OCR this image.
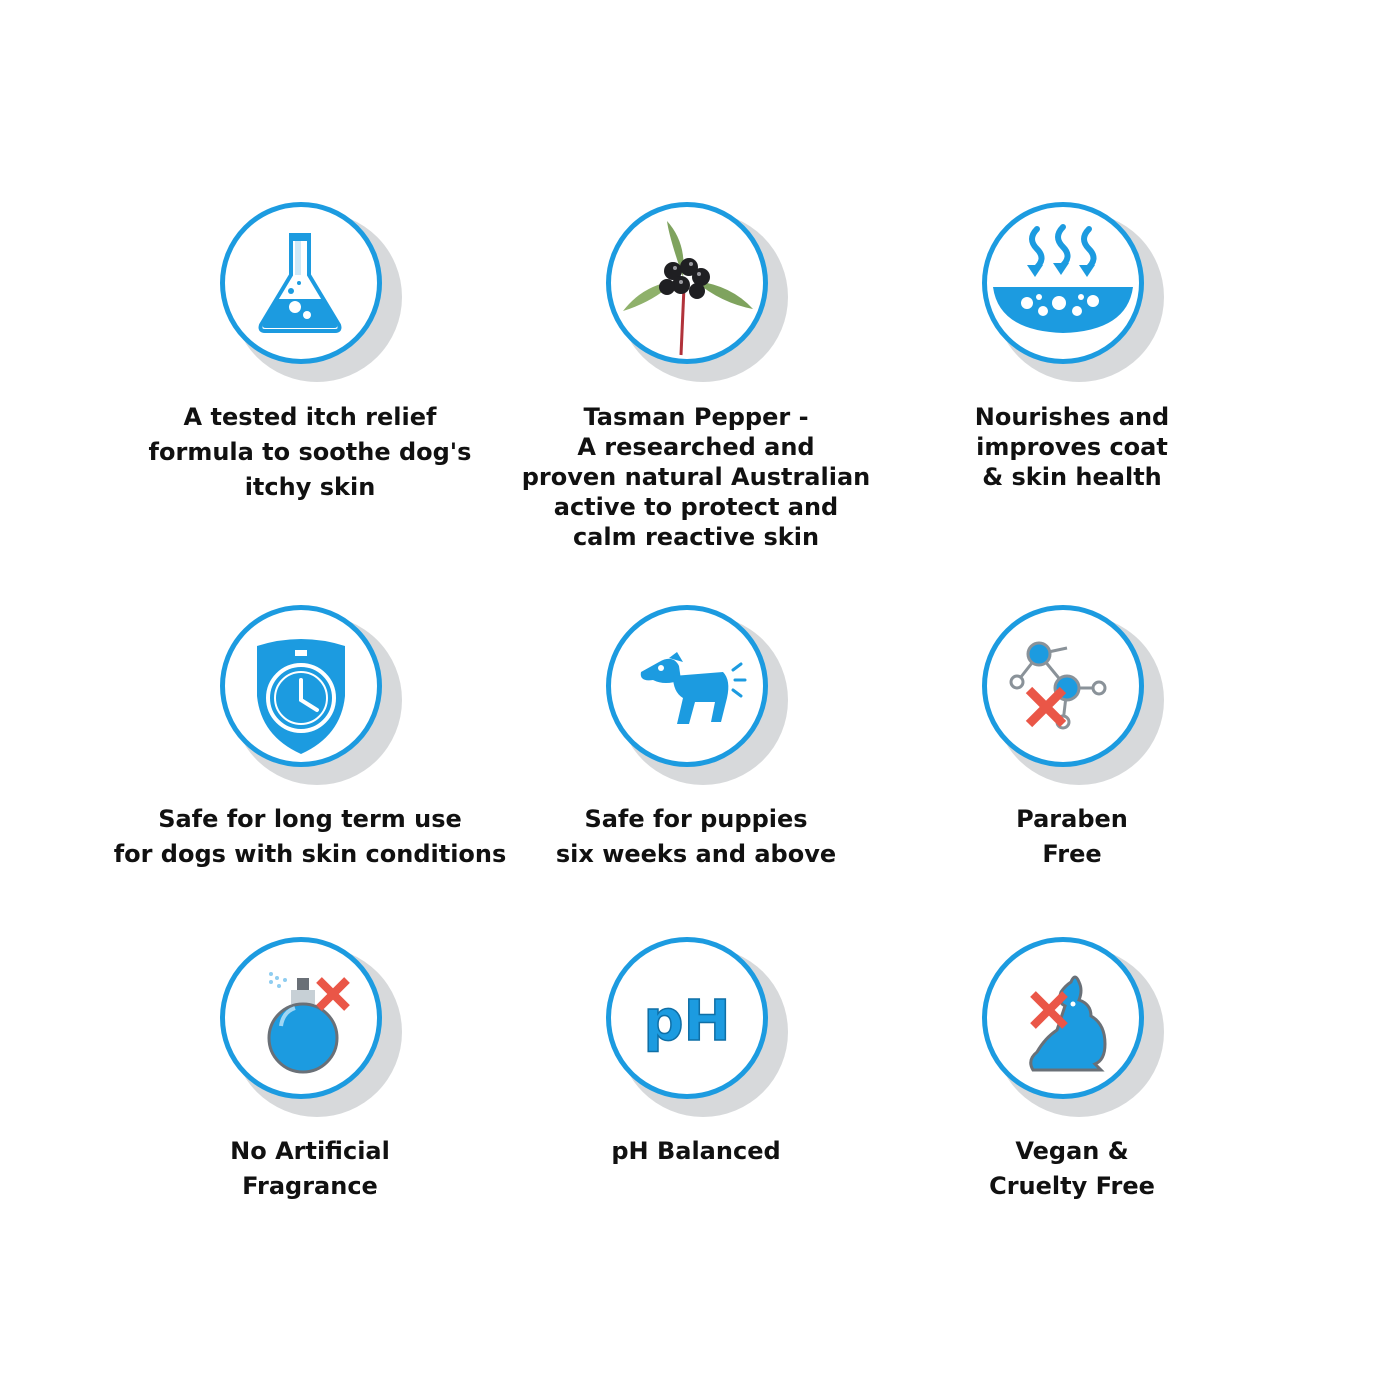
A tested itch relief
formula to soothe dog's
itchy skin
Tasman Pepper -
A researched and
proven natural Australian
active to protect and
calm reactive skin
Nourishes and
improves coat
& skin health
Safe for long term use
for dogs with skin conditions
Safe for puppies
six weeks and above
Paraben
Free
No Artificial
Fragrance
pH
pH Balanced	Vegan &
Cruelty Free
